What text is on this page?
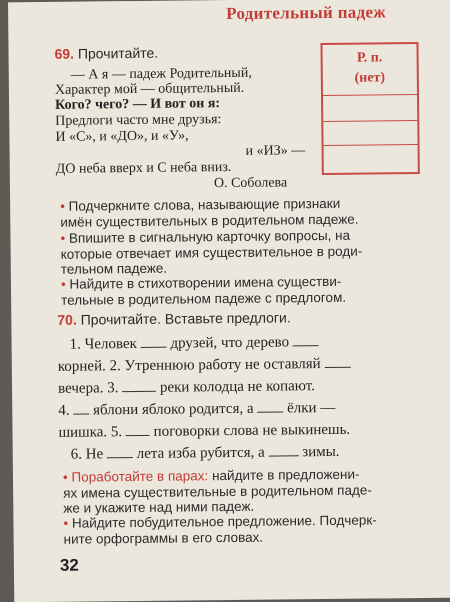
Родительный падеж
69. Прочитайте.
— А я — падеж Родительный,
Характер мой — общительный.
Кого? чего? — И вот он я:
Предлоги часто мне друзья:
И «С», и «ДО», и «У»,
и «ИЗ» —
ДО неба вверх и С неба вниз.
О. Соболева
Р. п.
(нет)
• Подчеркните слова, называющие признаки
имён существительных в родительном падеже.
• Впишите в сигнальную карточку вопросы, на
которые отвечает имя существительное в роди-
тельном падеже.
• Найдите в стихотворении имена существи-
тельные в родительном падеже с предлогом.
70. Прочитайте. Вставьте предлоги.
1. Человек друзей, что дерево
корней. 2. Утреннюю работу не оставляй
вечера. 3.	реки колодца не копают.
4. яблони яблоко родится, а ёлки —
шишка. 5. поговорки слова не выкинешь.
6. Не лета изба рубится, а зимы.
• Поработайте в парах: найдите в предложени-
ях имена существительные в родительном паде-
же и укажите над ними падеж.
• Найдите побудительное предложение. Подчерк-
ните орфограммы в его словах.
32
